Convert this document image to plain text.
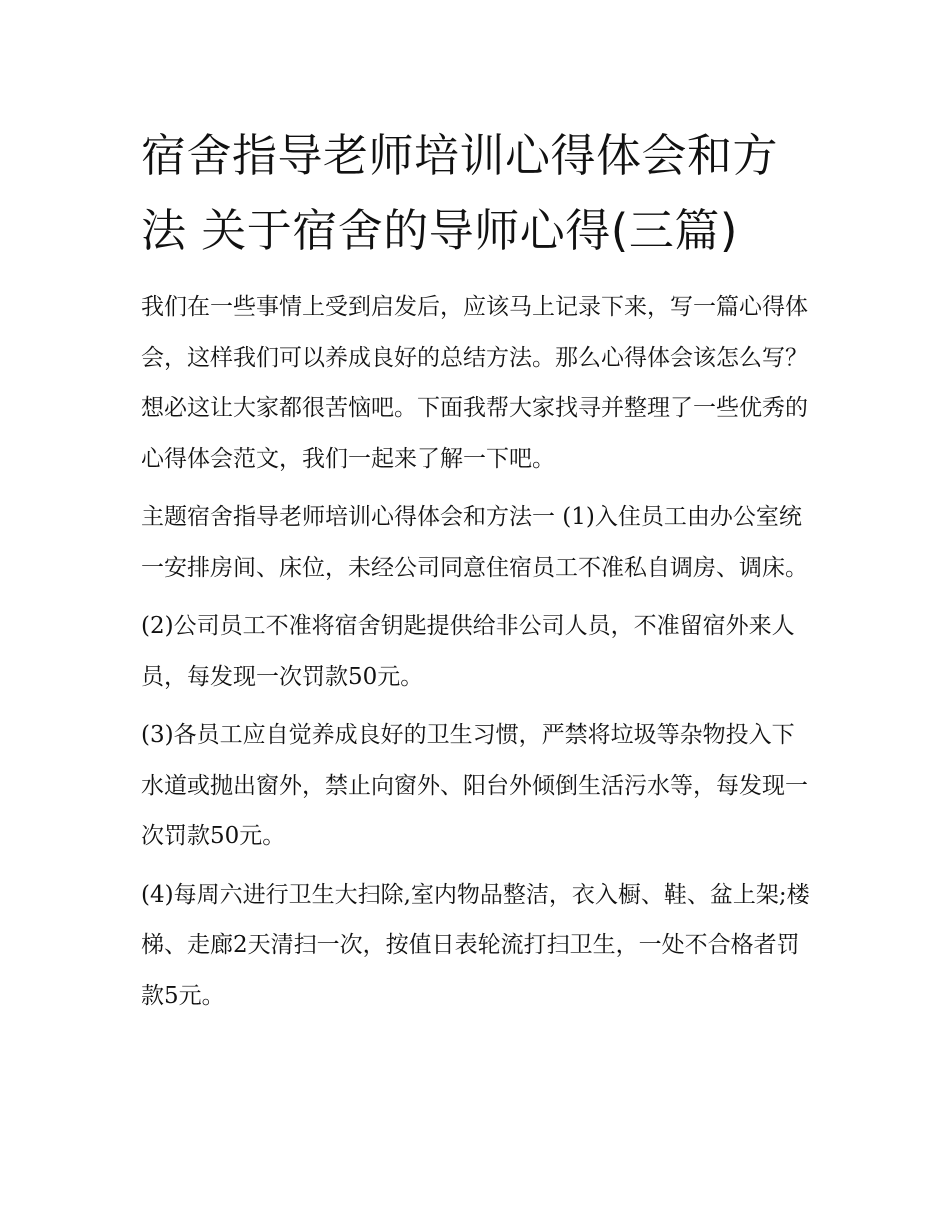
宿舍指导老师培训心得体会和方法 关于宿舍的导师心得(三篇)

我们在一些事情上受到启发后，应该马上记录下来，写一篇心得体会，这样我们可以养成良好的总结方法。那么心得体会该怎么写？想必这让大家都很苦恼吧。下面我帮大家找寻并整理了一些优秀的心得体会范文，我们一起来了解一下吧。

主题宿舍指导老师培训心得体会和方法一 (1)入住员工由办公室统一安排房间、床位，未经公司同意住宿员工不准私自调房、调床。

(2)公司员工不准将宿舍钥匙提供给非公司人员，不准留宿外来人员，每发现一次罚款50元。

(3)各员工应自觉养成良好的卫生习惯，严禁将垃圾等杂物投入下水道或抛出窗外，禁止向窗外、阳台外倾倒生活污水等，每发现一次罚款50元。

(4)每周六进行卫生大扫除,室内物品整洁，衣入橱、鞋、盆上架;楼梯、走廊2天清扫一次，按值日表轮流打扫卫生，一处不合格者罚款5元。
